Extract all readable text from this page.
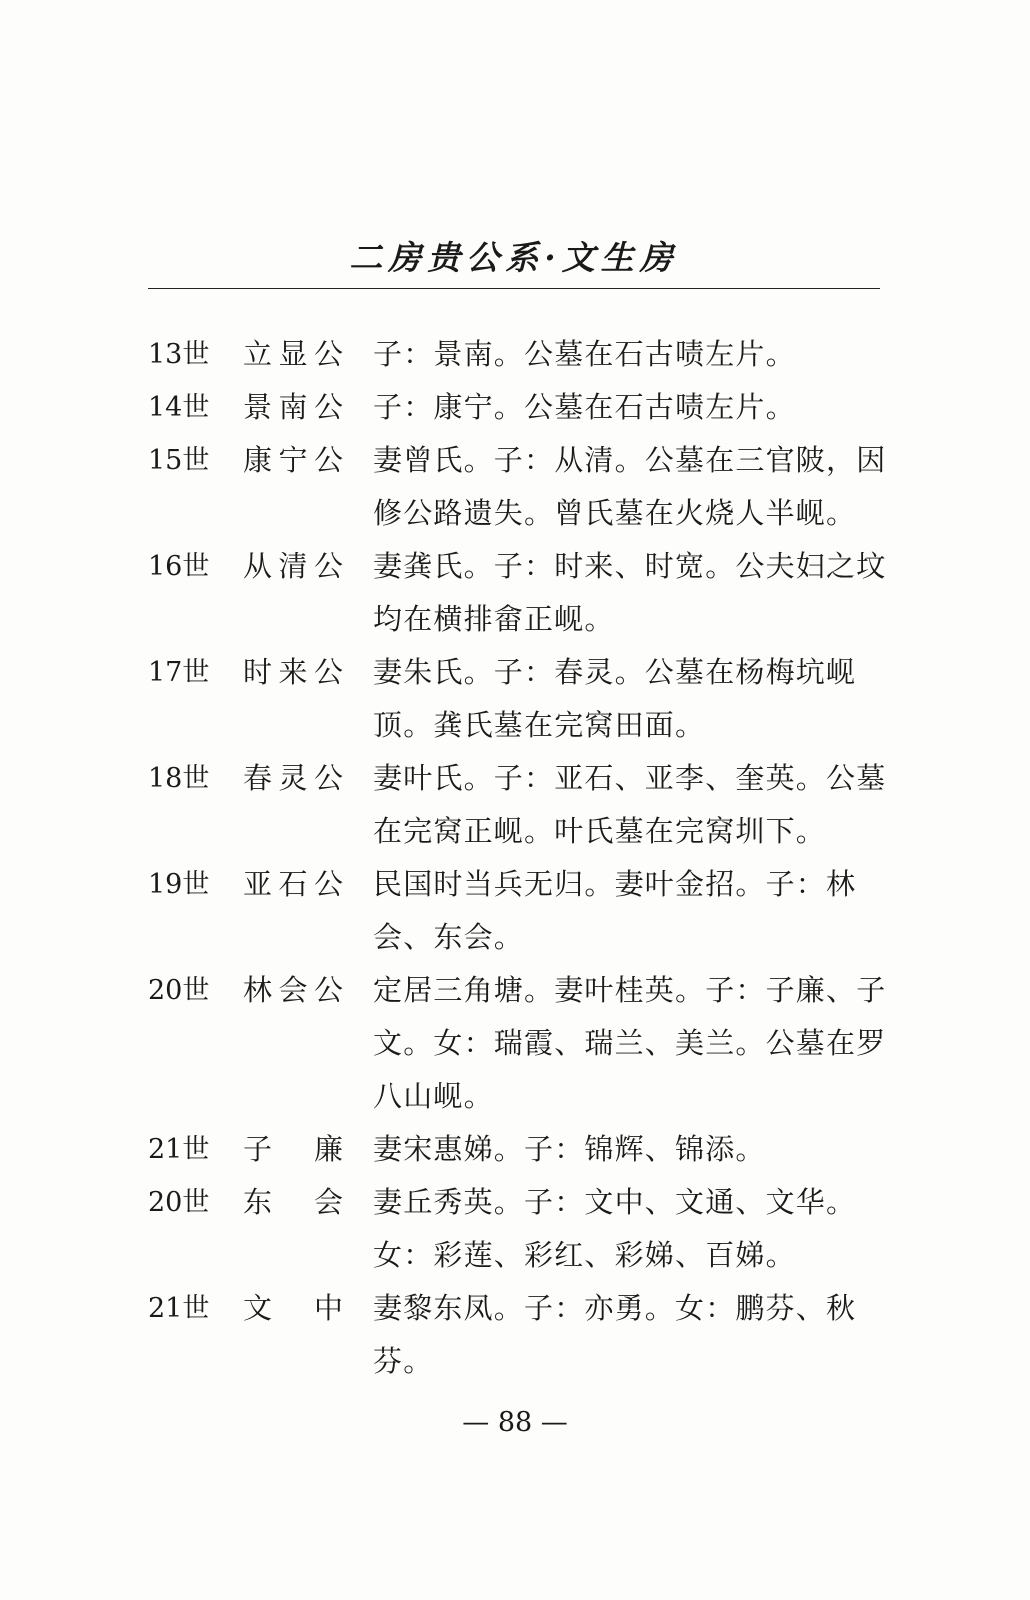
二房贵公系·文生房
13世	立显公	子：景南。公墓在石古啧左片。
14世	景南公	子：康宁。公墓在石古啧左片。
15世	康宁公	妻曾氏。子：从清。公墓在三官陂，因修公路遗失。曾氏墓在火烧人半岘。
16世	从清公	妻龚氏。子：时来、时宽。公夫妇之坟均在横排畲正岘。
17世	时来公	妻朱氏。子：春灵。公墓在杨梅坑岘顶。龚氏墓在完窝田面。
18世	春灵公	妻叶氏。子：亚石、亚李、奎英。公墓在完窝正岘。叶氏墓在完窝圳下。
19世	亚石公	民国时当兵无归。妻叶金招。子：林会、东会。
20世	林会公	定居三角塘。妻叶桂英。子：子廉、子文。女：瑞霞、瑞兰、美兰。公墓在罗八山岘。
21世	子廉	妻宋惠娣。子：锦辉、锦添。
20世	东会	妻丘秀英。子：文中、文通、文华。女：彩莲、彩红、彩娣、百娣。
21世	文中	妻黎东凤。子：亦勇。女：鹏芬、秋芬。
— 88 —
